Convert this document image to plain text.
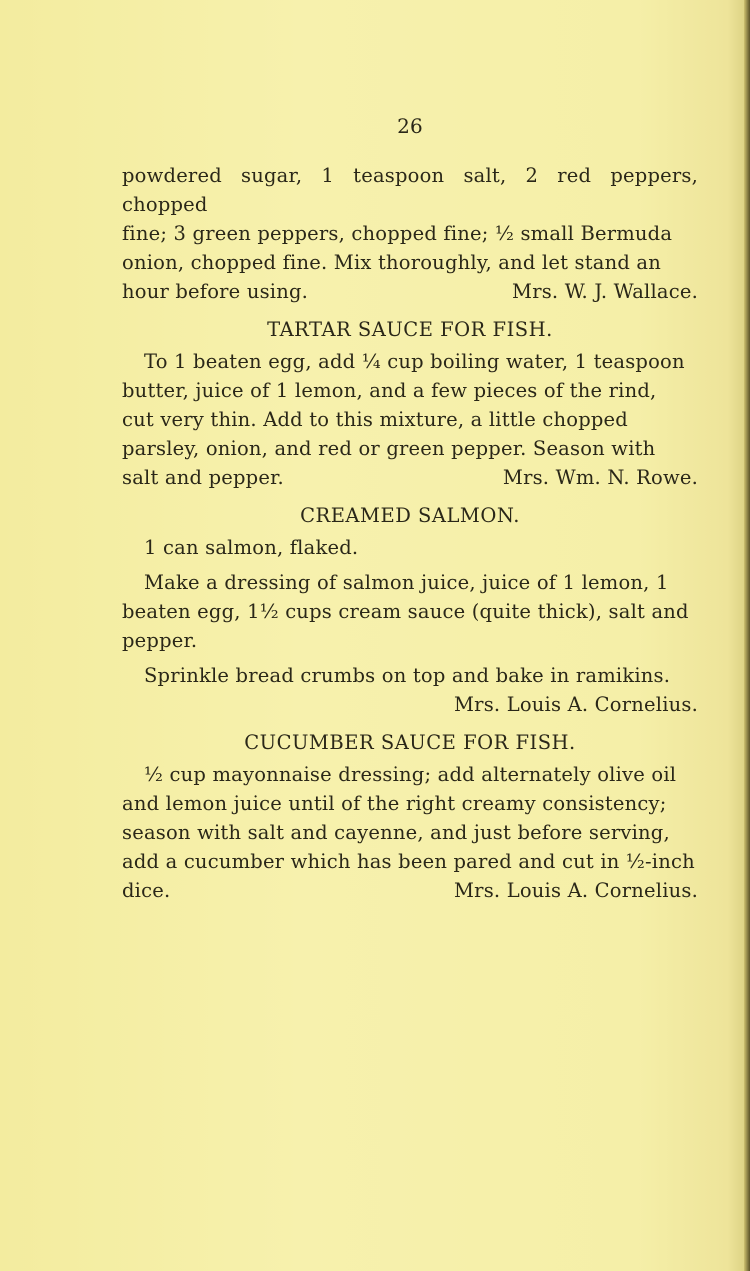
26

powdered sugar, 1 teaspoon salt, 2 red peppers, chopped

fine; 3 green peppers, chopped fine; ½ small Bermuda

onion, chopped fine. Mix thoroughly, and let stand an

hour before using.	Mrs. W. J. Wallace.
TARTAR SAUCE FOR FISH.

To 1 beaten egg, add ¼ cup boiling water, 1 teaspoon

butter, juice of 1 lemon, and a few pieces of the rind,

cut very thin. Add to this mixture, a little chopped

parsley, onion, and red or green pepper. Season with

salt and pepper.	Mrs. Wm. N. Rowe.
CREAMED SALMON.

1 can salmon, flaked.

Make a dressing of salmon juice, juice of 1 lemon, 1

beaten egg, 1½ cups cream sauce (quite thick), salt and

pepper.

Sprinkle bread crumbs on top and bake in ramikins.

Mrs. Louis A. Cornelius.

CUCUMBER SAUCE FOR FISH.

½ cup mayonnaise dressing; add alternately olive oil

and lemon juice until of the right creamy consistency;

season with salt and cayenne, and just before serving,

add a cucumber which has been pared and cut in ½-inch

dice.	Mrs. Louis A. Cornelius.
